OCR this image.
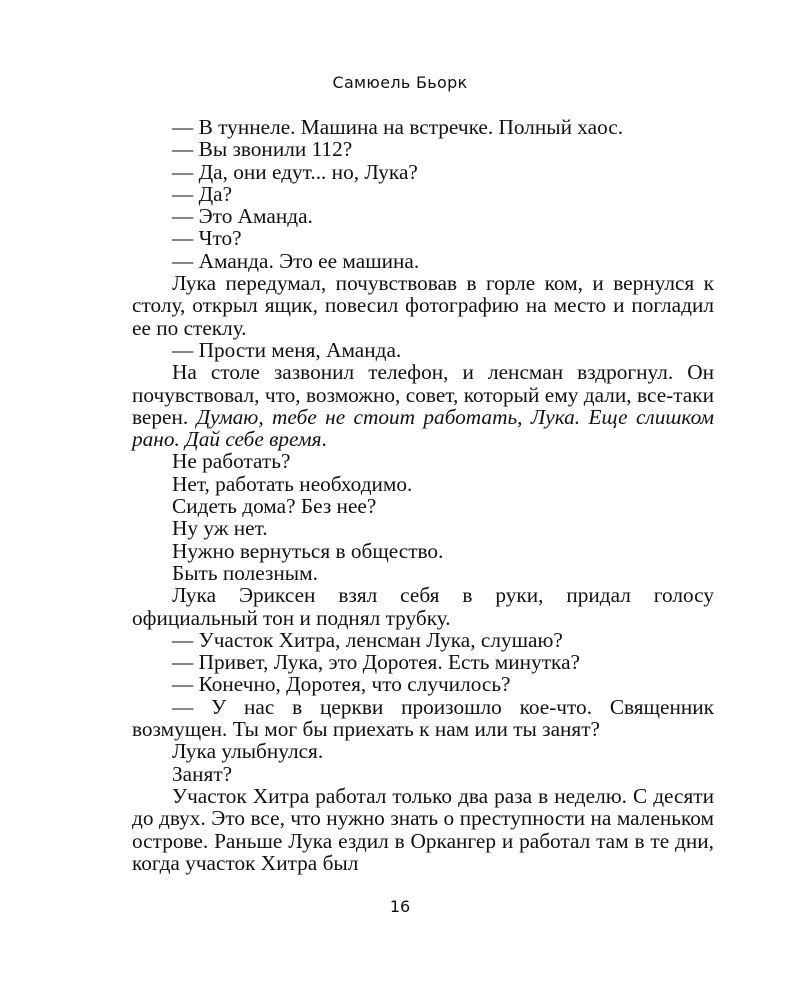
Самюель Бьорк

— В туннеле. Машина на встречке. Полный хаос.

— Вы звонили 112?

— Да, они едут... но, Лука?

— Да?

— Это Аманда.

— Что?

— Аманда. Это ее машина.

Лука передумал, почувствовав в горле ком, и вернулся к столу, открыл ящик, повесил фотографию на место и погладил ее по стеклу.

— Прости меня, Аманда.

На столе зазвонил телефон, и ленсман вздрогнул. Он почувствовал, что, возможно, совет, который ему дали, все-таки верен. Думаю, тебе не стоит работать, Лука. Еще слишком рано. Дай себе время.

Не работать?

Нет, работать необходимо.

Сидеть дома? Без нее?

Ну уж нет.

Нужно вернуться в общество.

Быть полезным.

Лука Эриксен взял себя в руки, придал голосу официальный тон и поднял трубку.

— Участок Хитра, ленсман Лука, слушаю?

— Привет, Лука, это Доротея. Есть минутка?

— Конечно, Доротея, что случилось?

— У нас в церкви произошло кое-что. Священник возмущен. Ты мог бы приехать к нам или ты занят?

Лука улыбнулся.

Занят?

Участок Хитра работал только два раза в неделю. С десяти до двух. Это все, что нужно знать о преступности на маленьком острове. Раньше Лука ездил в Оркангер и работал там в те дни, когда участок Хитра был

16
